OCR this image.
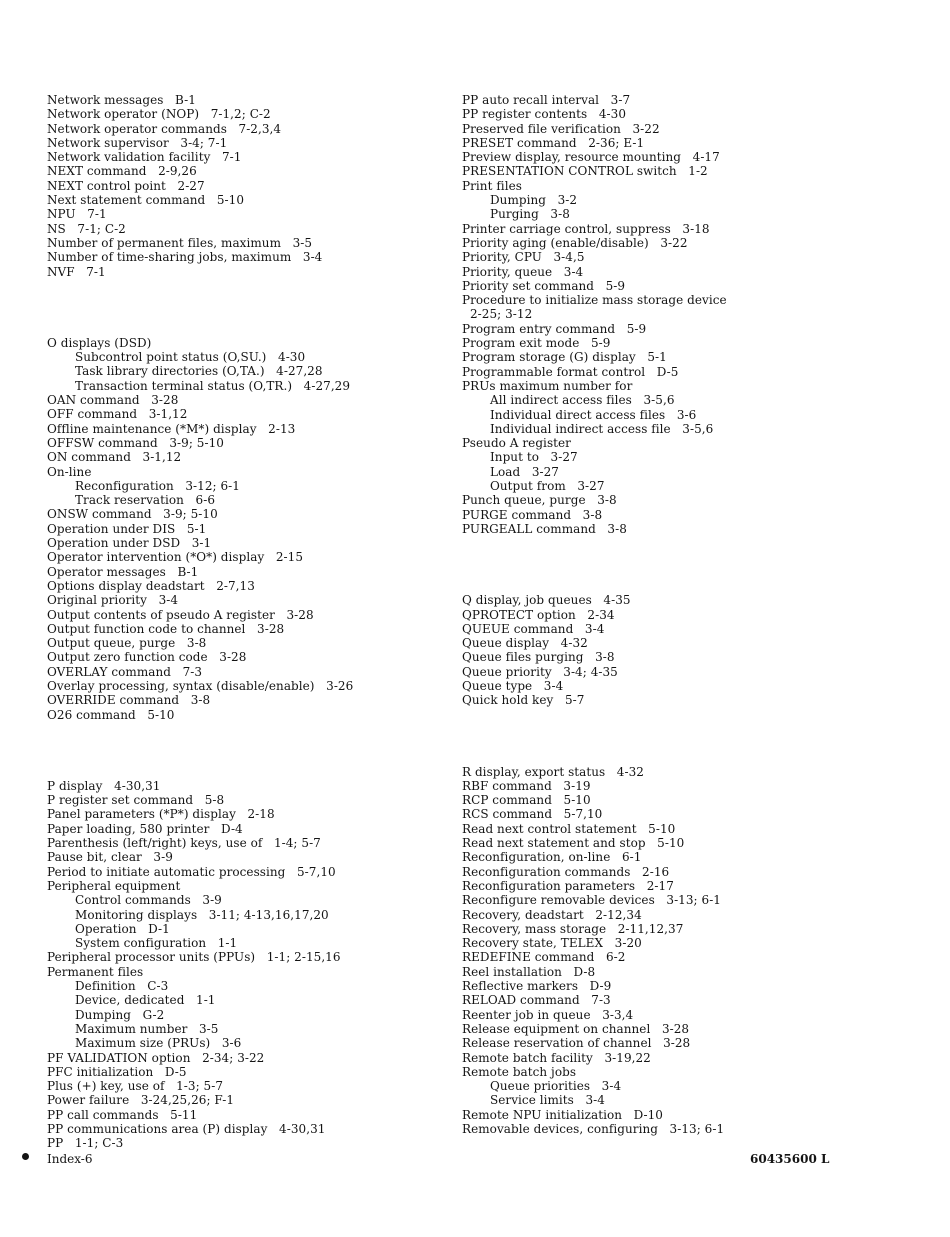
Network messages   B-1
Network operator (NOP)   7-1,2; C-2
Network operator commands   7-2,3,4
Network supervisor   3-4; 7-1
Network validation facility   7-1
NEXT command   2-9,26
NEXT control point   2-27
Next statement command   5-10
NPU   7-1
NS   7-1; C-2
Number of permanent files, maximum   3-5
Number of time-sharing jobs, maximum   3-4
NVF   7-1
O displays (DSD)
Subcontrol point status (O,SU.)   4-30
Task library directories (O,TA.)   4-27,28
Transaction terminal status (O,TR.)   4-27,29
OAN command   3-28
OFF command   3-1,12
Offline maintenance (*M*) display   2-13
OFFSW command   3-9; 5-10
ON command   3-1,12
On-line
Reconfiguration   3-12; 6-1
Track reservation   6-6
ONSW command   3-9; 5-10
Operation under DIS   5-1
Operation under DSD   3-1
Operator intervention (*O*) display   2-15
Operator messages   B-1
Options display deadstart   2-7,13
Original priority   3-4
Output contents of pseudo A register   3-28
Output function code to channel   3-28
Output queue, purge   3-8
Output zero function code   3-28
OVERLAY command   7-3
Overlay processing, syntax (disable/enable)   3-26
OVERRIDE command   3-8
O26 command   5-10
P display   4-30,31
P register set command   5-8
Panel parameters (*P*) display   2-18
Paper loading, 580 printer   D-4
Parenthesis (left/right) keys, use of   1-4; 5-7
Pause bit, clear   3-9
Period to initiate automatic processing   5-7,10
Peripheral equipment
Control commands   3-9
Monitoring displays   3-11; 4-13,16,17,20
Operation   D-1
System configuration   1-1
Peripheral processor units (PPUs)   1-1; 2-15,16
Permanent files
Definition   C-3
Device, dedicated   1-1
Dumping   G-2
Maximum number   3-5
Maximum size (PRUs)   3-6
PF VALIDATION option   2-34; 3-22
PFC initialization   D-5
Plus (+) key, use of   1-3; 5-7
Power failure   3-24,25,26; F-1
PP call commands   5-11
PP communications area (P) display   4-30,31
PP   1-1; C-3
PP auto recall interval   3-7
PP register contents   4-30
Preserved file verification   3-22
PRESET command   2-36; E-1
Preview display, resource mounting   4-17
PRESENTATION CONTROL switch   1-2
Print files
Dumping   3-2
Purging   3-8
Printer carriage control, suppress   3-18
Priority aging (enable/disable)   3-22
Priority, CPU   3-4,5
Priority, queue   3-4
Priority set command   5-9
Procedure to initialize mass storage device
2-25; 3-12
Program entry command   5-9
Program exit mode   5-9
Program storage (G) display   5-1
Programmable format control   D-5
PRUs maximum number for
All indirect access files   3-5,6
Individual direct access files   3-6
Individual indirect access file   3-5,6
Pseudo A register
Input to   3-27
Load   3-27
Output from   3-27
Punch queue, purge   3-8
PURGE command   3-8
PURGEALL command   3-8
Q display, job queues   4-35
QPROTECT option   2-34
QUEUE command   3-4
Queue display   4-32
Queue files purging   3-8
Queue priority   3-4; 4-35
Queue type   3-4
Quick hold key   5-7
R display, export status   4-32
RBF command   3-19
RCP command   5-10
RCS command   5-7,10
Read next control statement   5-10
Read next statement and stop   5-10
Reconfiguration, on-line   6-1
Reconfiguration commands   2-16
Reconfiguration parameters   2-17
Reconfigure removable devices   3-13; 6-1
Recovery, deadstart   2-12,34
Recovery, mass storage   2-11,12,37
Recovery state, TELEX   3-20
REDEFINE command   6-2
Reel installation   D-8
Reflective markers   D-9
RELOAD command   7-3
Reenter job in queue   3-3,4
Release equipment on channel   3-28
Release reservation of channel   3-28
Remote batch facility   3-19,22
Remote batch jobs
Queue priorities   3-4
Service limits   3-4
Remote NPU initialization   D-10
Removable devices, configuring   3-13; 6-1
Index-6	60435600 L
